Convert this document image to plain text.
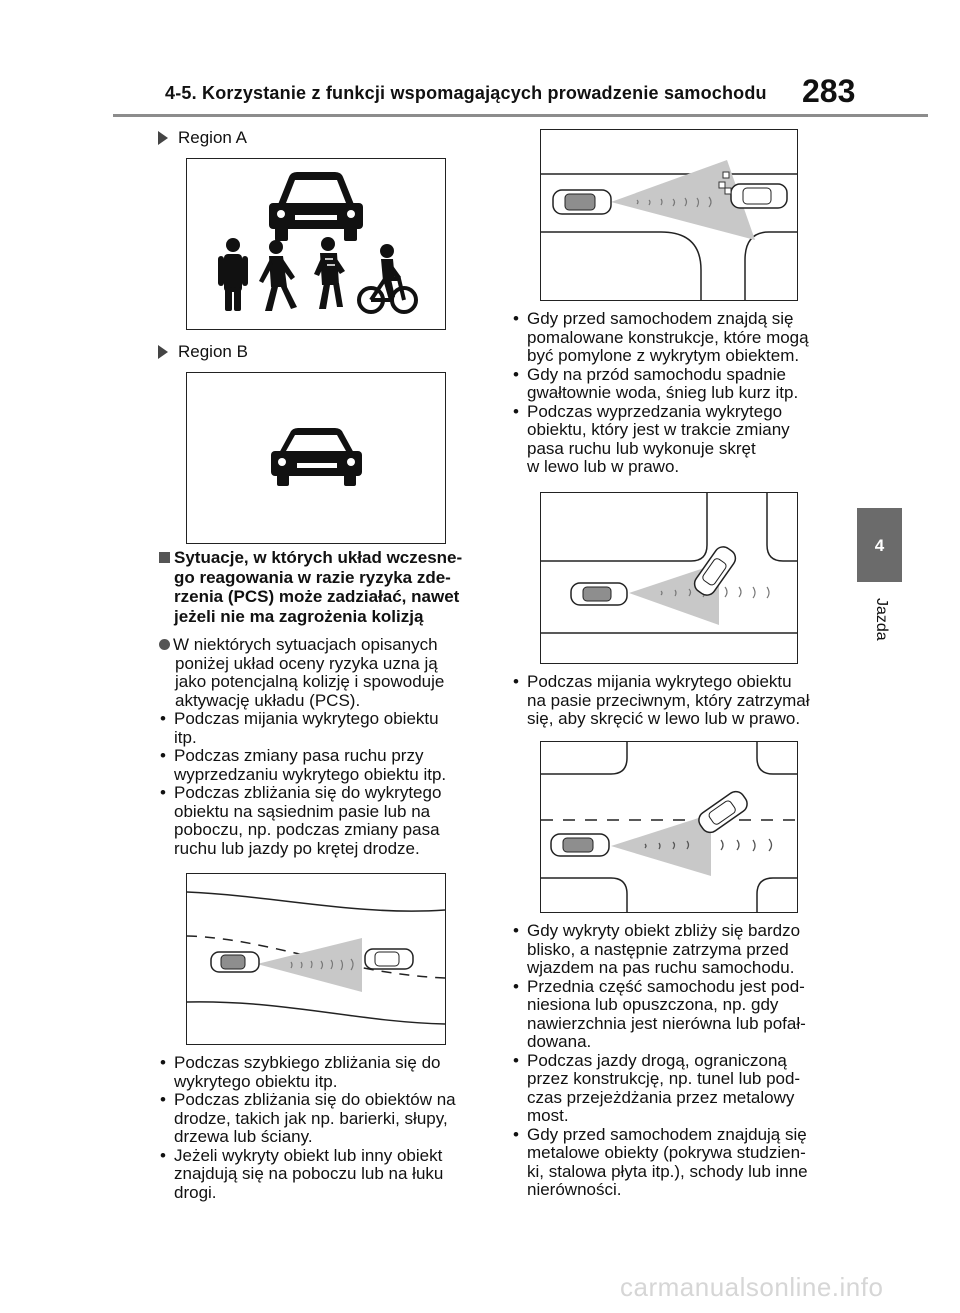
4-5. Korzystanie z funkcji wspomagających prowadzenie samochodu 283
4
Jazda
Region A
Region B
Sytuacje, w których układ wczesne-
go reagowania w razie ryzyka zde-
rzenia (PCS) może zadziałać, nawet
jeżeli nie ma zagrożenia kolizją
W niektórych sytuacjach opisanych
poniżej układ oceny ryzyka uzna ją
jako potencjalną kolizję i spowoduje
aktywację układu (PCS).
• Podczas mijania wykrytego obiektu
itp.
• Podczas zmiany pasa ruchu przy
wyprzedzaniu wykrytego obiektu itp.
• Podczas zbliżania się do wykrytego
obiektu na sąsiednim pasie lub na
poboczu, np. podczas zmiany pasa
ruchu lub jazdy po krętej drodze.
• Podczas szybkiego zbliżania się do
wykrytego obiektu itp.
• Podczas zbliżania się do obiektów na
drodze, takich jak np. barierki, słupy,
drzewa lub ściany.
• Jeżeli wykryty obiekt lub inny obiekt
znajdują się na poboczu lub na łuku
drogi.
• Gdy przed samochodem znajdą się
pomalowane konstrukcje, które mogą
być pomylone z wykrytym obiektem.
• Gdy na przód samochodu spadnie
gwałtownie woda, śnieg lub kurz itp.
• Podczas wyprzedzania wykrytego
obiektu, który jest w trakcie zmiany
pasa ruchu lub wykonuje skręt
w lewo lub w prawo.
• Podczas mijania wykrytego obiektu
na pasie przeciwnym, który zatrzymał
się, aby skręcić w lewo lub w prawo.
• Gdy wykryty obiekt zbliży się bardzo
blisko, a następnie zatrzyma przed
wjazdem na pas ruchu samochodu.
• Przednia część samochodu jest pod-
niesiona lub opuszczona, np. gdy
nawierzchnia jest nierówna lub pofał-
dowana.
• Podczas jazdy drogą, ograniczoną
przez konstrukcję, np. tunel lub pod-
czas przejeżdżania przez metalowy
most.
• Gdy przed samochodem znajdują się
metalowe obiekty (pokrywa studzien-
ki, stalowa płyta itp.), schody lub inne
nierówności.
carmanualsonline.info
